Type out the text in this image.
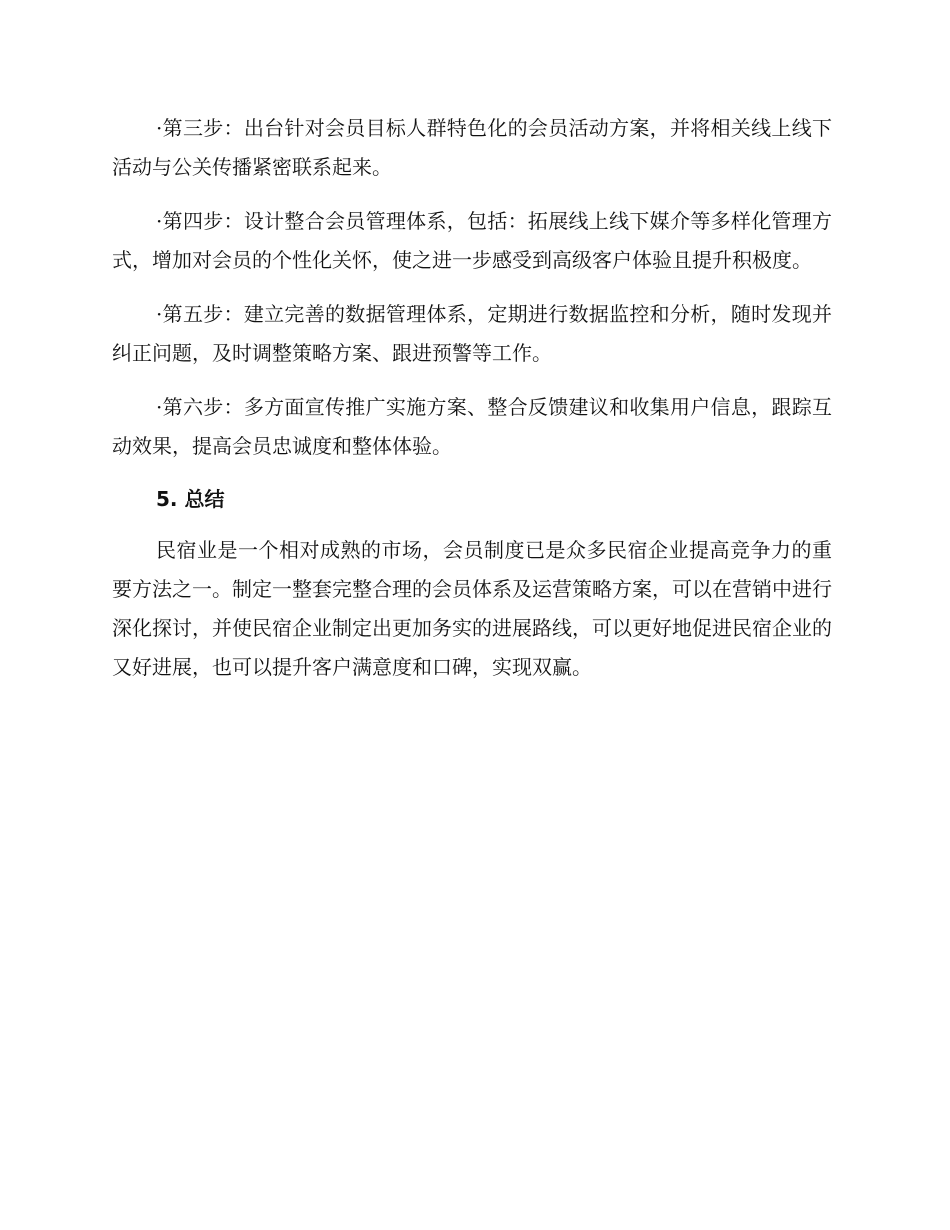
·第三步：出台针对会员目标人群特色化的会员活动方案，并将相关线上线下活动与公关传播紧密联系起来。

·第四步：设计整合会员管理体系，包括：拓展线上线下媒介等多样化管理方式，增加对会员的个性化关怀，使之进一步感受到高级客户体验且提升积极度。

·第五步：建立完善的数据管理体系，定期进行数据监控和分析，随时发现并纠正问题，及时调整策略方案、跟进预警等工作。

·第六步：多方面宣传推广实施方案、整合反馈建议和收集用户信息，跟踪互动效果，提高会员忠诚度和整体体验。

5. 总结

民宿业是一个相对成熟的市场，会员制度已是众多民宿企业提高竞争力的重要方法之一。制定一整套完整合理的会员体系及运营策略方案，可以在营销中进行深化探讨，并使民宿企业制定出更加务实的进展路线，可以更好地促进民宿企业的又好进展，也可以提升客户满意度和口碑，实现双赢。
